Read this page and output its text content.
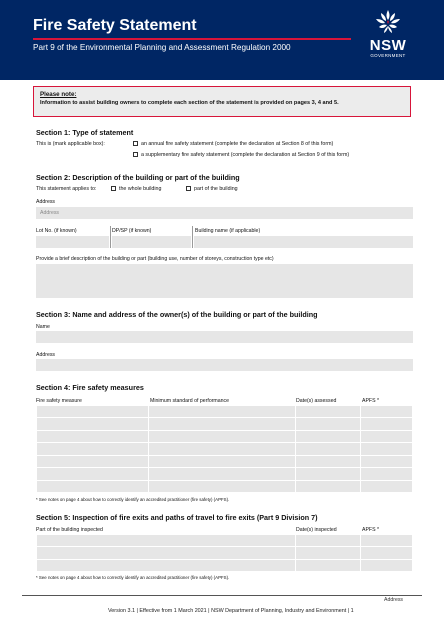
Fire Safety Statement
Part 9 of the Environmental Planning and Assessment Regulation 2000	NSW
GOVERNMENT
Please note:
Information to assist building owners to complete each section of the statement is provided on pages 3, 4 and 5.
Section 1: Type of statement
This is (mark applicable box):	an annual fire safety statement (complete the declaration at Section 8 of this form)
a supplementary fire safety statement (complete the declaration at Section 9 of this form)
Section 2: Description of the building or part of the building
This statement applies to:	the whole building	part of the building
Address
Address
Lot No. (if known)	DP/SP (if known)	Building name (if applicable)
Provide a brief description of the building or part (building use, number of storeys, construction type etc)
Section 3: Name and address of the owner(s) of the building or part of the building
Name
Address
Section 4: Fire safety measures
Fire safety measure	Minimum standard of performance	Date(s) assessed	APFS *

* See notes on page 4 about how to correctly identify an accredited practitioner (fire safety) (APFS).
Section 5: Inspection of fire exits and paths of travel to fire exits (Part 9 Division 7)
Part of the building inspected	Date(s) inspected	APFS *

* See notes on page 4 about how to correctly identify an accredited practitioner (fire safety) (APFS).
Address
Version 3.1 | Effective from 1 March 2021 | NSW Department of Planning, Industry and Environment | 1
